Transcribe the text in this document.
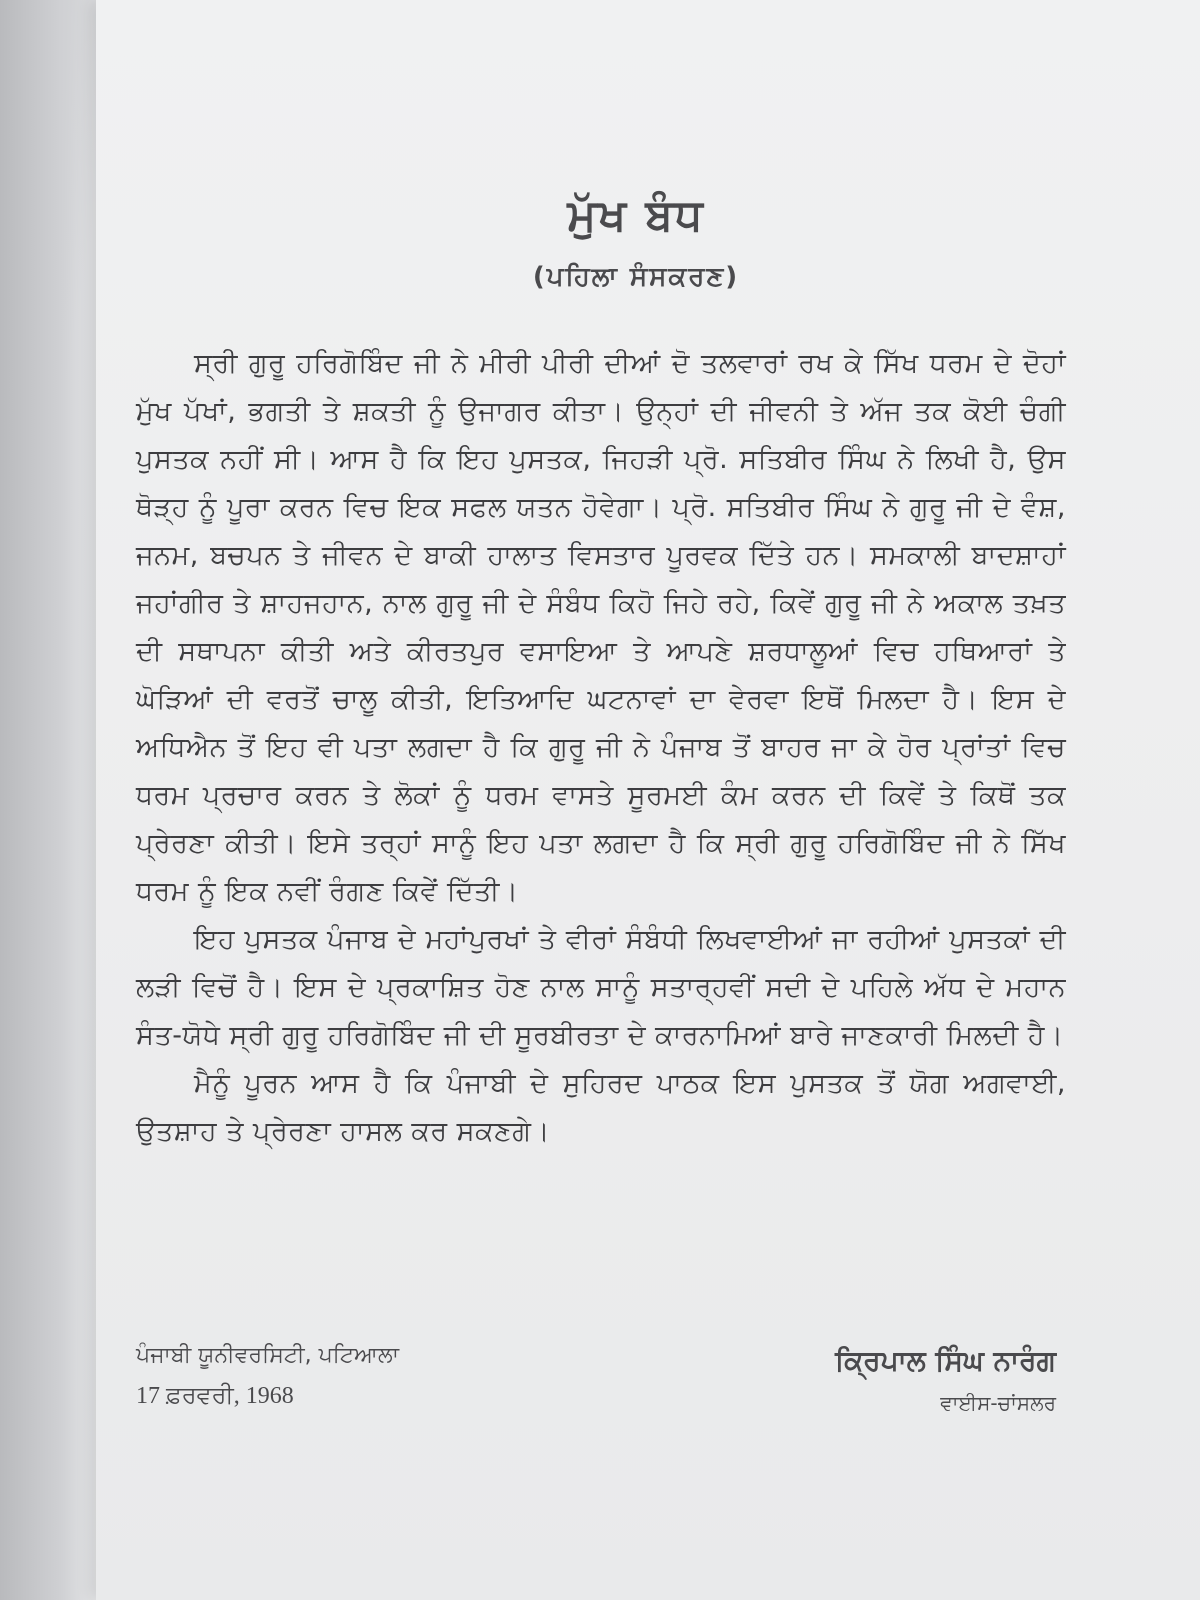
ਮੁੱਖ ਬੰਧ
(ਪਹਿਲਾ ਸੰਸਕਰਣ)

ਸ੍ਰੀ ਗੁਰੂ ਹਰਿਗੋਬਿੰਦ ਜੀ ਨੇ ਮੀਰੀ ਪੀਰੀ ਦੀਆਂ ਦੋ ਤਲਵਾਰਾਂ ਰਖ ਕੇ ਸਿੱਖ ਧਰਮ ਦੇ ਦੋਹਾਂ ਮੁੱਖ ਪੱਖਾਂ, ਭਗਤੀ ਤੇ ਸ਼ਕਤੀ ਨੂੰ ਉਜਾਗਰ ਕੀਤਾ। ਉਨ੍ਹਾਂ ਦੀ ਜੀਵਨੀ ਤੇ ਅੱਜ ਤਕ ਕੋਈ ਚੰਗੀ ਪੁਸਤਕ ਨਹੀਂ ਸੀ। ਆਸ ਹੈ ਕਿ ਇਹ ਪੁਸਤਕ, ਜਿਹੜੀ ਪ੍ਰੋ. ਸਤਿਬੀਰ ਸਿੰਘ ਨੇ ਲਿਖੀ ਹੈ, ਉਸ ਥੋੜ੍ਹ ਨੂੰ ਪੂਰਾ ਕਰਨ ਵਿਚ ਇਕ ਸਫਲ ਯਤਨ ਹੋਵੇਗਾ। ਪ੍ਰੋ. ਸਤਿਬੀਰ ਸਿੰਘ ਨੇ ਗੁਰੂ ਜੀ ਦੇ ਵੰਸ਼, ਜਨਮ, ਬਚਪਨ ਤੇ ਜੀਵਨ ਦੇ ਬਾਕੀ ਹਾਲਾਤ ਵਿਸਤਾਰ ਪੂਰਵਕ ਦਿੱਤੇ ਹਨ। ਸਮਕਾਲੀ ਬਾਦਸ਼ਾਹਾਂ ਜਹਾਂਗੀਰ ਤੇ ਸ਼ਾਹਜਹਾਨ, ਨਾਲ ਗੁਰੂ ਜੀ ਦੇ ਸੰਬੰਧ ਕਿਹੋ ਜਿਹੇ ਰਹੇ, ਕਿਵੇਂ ਗੁਰੂ ਜੀ ਨੇ ਅਕਾਲ ਤਖ਼ਤ ਦੀ ਸਥਾਪਨਾ ਕੀਤੀ ਅਤੇ ਕੀਰਤਪੁਰ ਵਸਾਇਆ ਤੇ ਆਪਣੇ ਸ਼ਰਧਾਲੂਆਂ ਵਿਚ ਹਥਿਆਰਾਂ ਤੇ ਘੋੜਿਆਂ ਦੀ ਵਰਤੋਂ ਚਾਲੂ ਕੀਤੀ, ਇਤਿਆਦਿ ਘਟਨਾਵਾਂ ਦਾ ਵੇਰਵਾ ਇਥੋਂ ਮਿਲਦਾ ਹੈ। ਇਸ ਦੇ ਅਧਿਐਨ ਤੋਂ ਇਹ ਵੀ ਪਤਾ ਲਗਦਾ ਹੈ ਕਿ ਗੁਰੂ ਜੀ ਨੇ ਪੰਜਾਬ ਤੋਂ ਬਾਹਰ ਜਾ ਕੇ ਹੋਰ ਪ੍ਰਾਂਤਾਂ ਵਿਚ ਧਰਮ ਪ੍ਰਚਾਰ ਕਰਨ ਤੇ ਲੋਕਾਂ ਨੂੰ ਧਰਮ ਵਾਸਤੇ ਸੂਰਮਈ ਕੰਮ ਕਰਨ ਦੀ ਕਿਵੇਂ ਤੇ ਕਿਥੋਂ ਤਕ ਪ੍ਰੇਰਣਾ ਕੀਤੀ। ਇਸੇ ਤਰ੍ਹਾਂ ਸਾਨੂੰ ਇਹ ਪਤਾ ਲਗਦਾ ਹੈ ਕਿ ਸ੍ਰੀ ਗੁਰੂ ਹਰਿਗੋਬਿੰਦ ਜੀ ਨੇ ਸਿੱਖ ਧਰਮ ਨੂੰ ਇਕ ਨਵੀਂ ਰੰਗਣ ਕਿਵੇਂ ਦਿੱਤੀ।

ਇਹ ਪੁਸਤਕ ਪੰਜਾਬ ਦੇ ਮਹਾਂਪੁਰਖਾਂ ਤੇ ਵੀਰਾਂ ਸੰਬੰਧੀ ਲਿਖਵਾਈਆਂ ਜਾ ਰਹੀਆਂ ਪੁਸਤਕਾਂ ਦੀ ਲੜੀ ਵਿਚੋਂ ਹੈ। ਇਸ ਦੇ ਪ੍ਰਕਾਸ਼ਿਤ ਹੋਣ ਨਾਲ ਸਾਨੂੰ ਸਤਾਰ੍ਹਵੀਂ ਸਦੀ ਦੇ ਪਹਿਲੇ ਅੱਧ ਦੇ ਮਹਾਨ ਸੰਤ-ਯੋਧੇ ਸ੍ਰੀ ਗੁਰੂ ਹਰਿਗੋਬਿੰਦ ਜੀ ਦੀ ਸੂਰਬੀਰਤਾ ਦੇ ਕਾਰਨਾਮਿਆਂ ਬਾਰੇ ਜਾਣਕਾਰੀ ਮਿਲਦੀ ਹੈ।

ਮੈਨੂੰ ਪੂਰਨ ਆਸ ਹੈ ਕਿ ਪੰਜਾਬੀ ਦੇ ਸੁਹਿਰਦ ਪਾਠਕ ਇਸ ਪੁਸਤਕ ਤੋਂ ਯੋਗ ਅਗਵਾਈ, ਉਤਸ਼ਾਹ ਤੇ ਪ੍ਰੇਰਣਾ ਹਾਸਲ ਕਰ ਸਕਣਗੇ।

ਪੰਜਾਬੀ ਯੂਨੀਵਰਸਿਟੀ, ਪਟਿਆਲਾ
17 ਫ਼ਰਵਰੀ, 1968
ਕ੍ਰਿਪਾਲ ਸਿੰਘ ਨਾਰੰਗ
ਵਾਈਸ-ਚਾਂਸਲਰ
